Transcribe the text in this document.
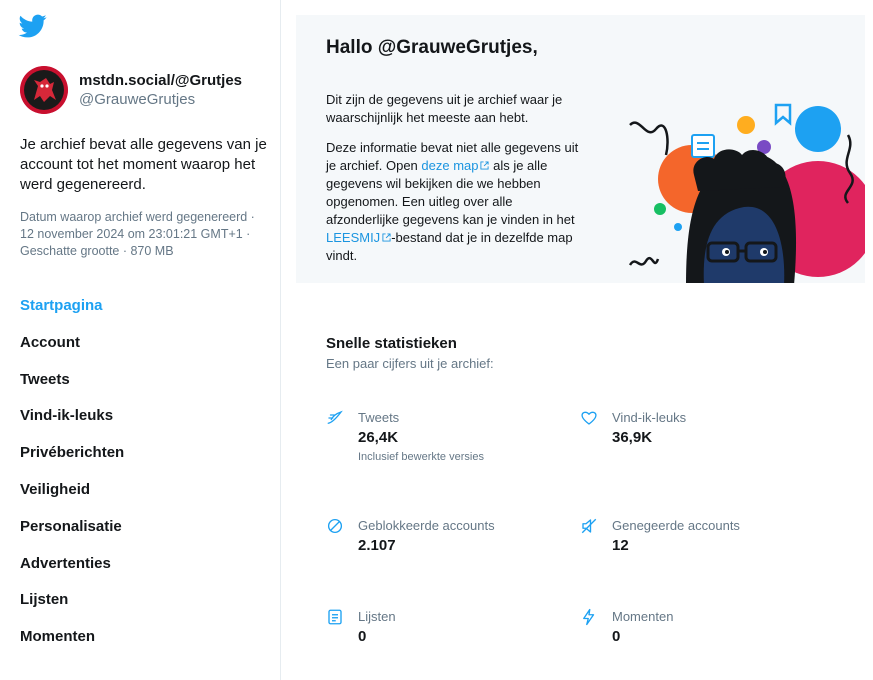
mstdn.social/@Grutjes
@GrauweGrutjes

Je archief bevat alle gegevens van je account tot het moment waarop het werd gegenereerd.

Datum waarop archief werd gegenereerd · 12 november 2024 om 23:01:21 GMT+1 · Geschatte grootte · 870 MB

Startpagina
Account
Tweets
Vind-ik-leuks
Privéberichten
Veiligheid
Personalisatie
Advertenties
Lijsten
Momenten
Hallo @GrauweGrutjes,

Dit zijn de gegevens uit je archief waar je waarschijnlijk het meeste aan hebt.

Deze informatie bevat niet alle gegevens uit je archief. Open deze map als je alle gegevens wil bekijken die we hebben opgenomen. Een uitleg over alle afzonderlijke gegevens kan je vinden in het LEESMIJ -bestand dat je in dezelfde map vindt.

Snelle statistieken

Een paar cijfers uit je archief:

Tweets
26,4K
Inclusief bewerkte versies
Vind-ik-leuks
36,9K
Geblokkeerde accounts
2.107
Genegeerde accounts
12
Lijsten
0
Momenten
0
